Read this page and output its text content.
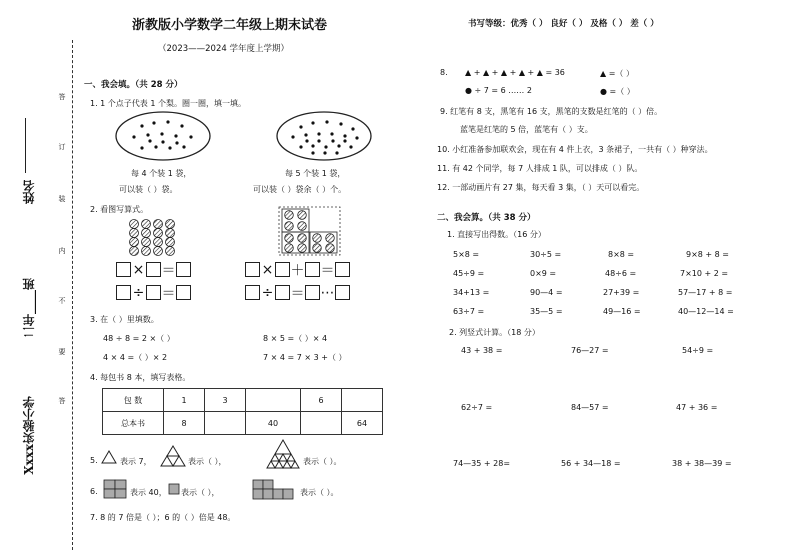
浙教版小学数学二年级上期末试卷
（2023——2024 学年度上学期）
书写等级：优秀（ ） 良好（ ） 及格（ ） 差（ ）
答
订
装
内
不
要
答
姓名
二年____班
Xxxx实验小学
一、我会填。（共 28 分）
1. 1 个点子代表 1 个梨。圈一圈，填一填。
每 4 个装 1 袋，
可以装（ ）袋。
每 5 个装 1 袋，
可以装（ ）袋余（ ）个。
2. 看图写算式。
× ＝
÷ ＝
× ＋ ＝
÷ ＝ ⋯
3. 在（ ）里填数。
48 ÷ 8 = 2 ×（ ）	8 × 5 =（ ）× 4
4 × 4 =（ ）× 2	7 × 4 = 7 × 3 +（ ）
4. 每包书 8 本，填写表格。
包 数	1	3		6	
总本书	8		40		64
5.	表示 7，	表示（ ），	表示（ ）。
6.	表示 40， 表示（ ），	表示（ ）。
7. 8 的 7 倍是（ ）；6 的（ ）倍是 48。
8. ▲ + ▲ + ▲ + ▲ + ▲ = 36	▲ =（ ）
● ÷ 7 = 6 …… 2	● =（ ）
9. 红笔有 8 支，黑笔有 16 支，黑笔的支数是红笔的（ ）倍。
蓝笔是红笔的 5 倍，蓝笔有（ ）支。
10. 小红准备参加联欢会，现在有 4 件上衣，3 条裙子，一共有（ ）种穿法。
11. 有 42 个同学，每 7 人排成 1 队，可以排成（ ）队。
12. 一部动画片有 27 集，每天看 3 集，（ ）天可以看完。
二、我会算。（共 38 分）
1. 直接写出得数。（16 分）
5×8 =	30÷5 =	8×8 =	9×8 + 8 =
45÷9 =	0×9 =	48÷6 =	7×10 + 2 =
34+13 =	90—4 =	27+39 =	57—17 + 8 =
63÷7 =	35—5 =	49—16 =	40—12—14 =
2. 列竖式计算。（18 分）
43 + 38 =	76—27 =	54÷9 =
62÷7 =	84—57 =	47 + 36 =
74—35 + 28=	56 + 34—18 =	38 + 38—39 =
